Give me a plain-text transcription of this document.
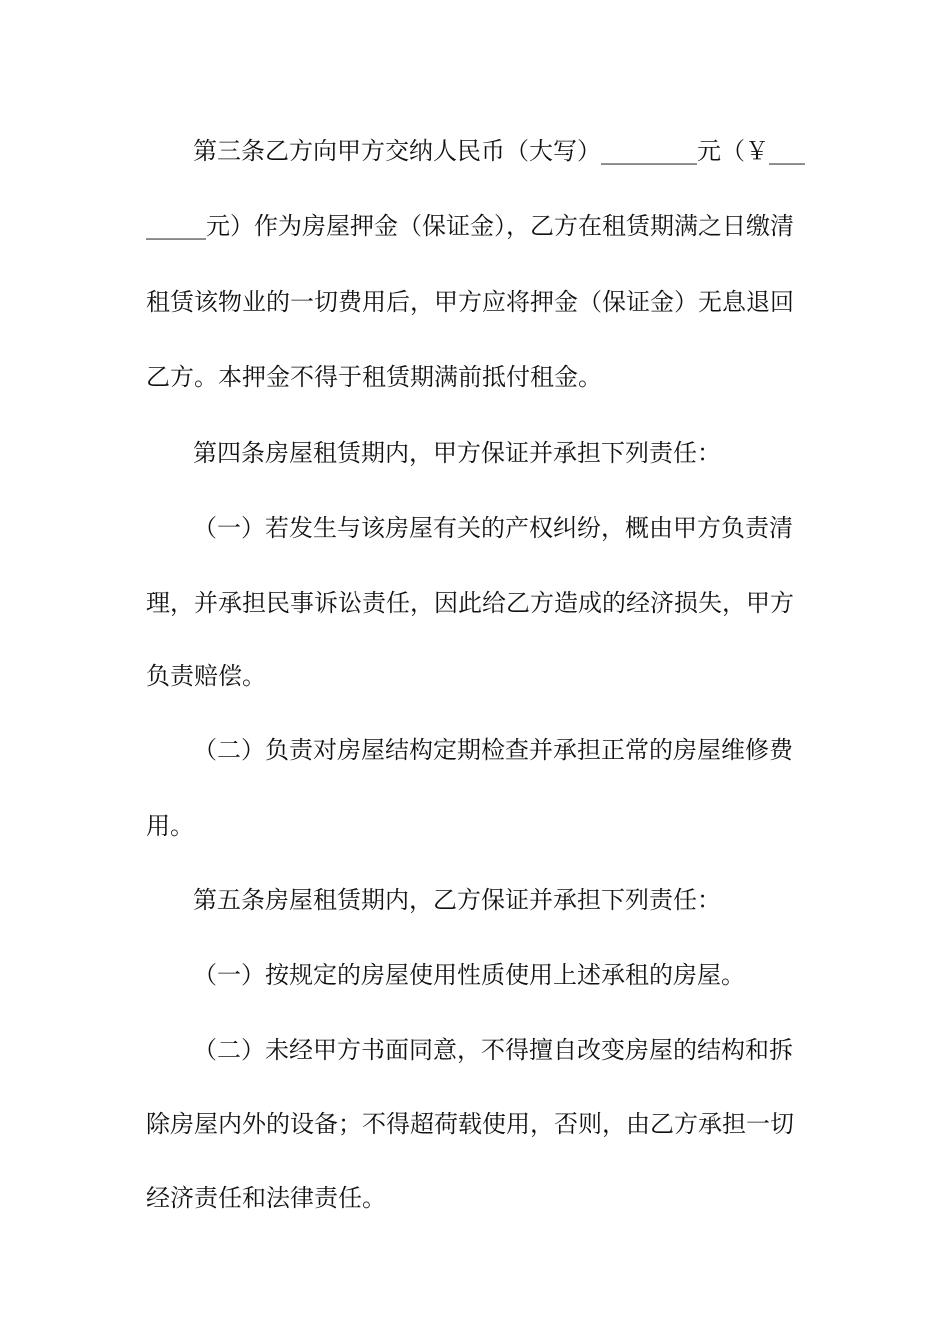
第三条乙方向甲方交纳人民币（大写）________元（￥___
_____元）作为房屋押金（保证金），乙方在租赁期满之日缴清
租赁该物业的一切费用后，甲方应将押金（保证金）无息退回
乙方。本押金不得于租赁期满前抵付租金。
第四条房屋租赁期内，甲方保证并承担下列责任：
（一）若发生与该房屋有关的产权纠纷，概由甲方负责清
理，并承担民事诉讼责任，因此给乙方造成的经济损失，甲方
负责赔偿。
（二）负责对房屋结构定期检查并承担正常的房屋维修费
用。
第五条房屋租赁期内，乙方保证并承担下列责任：
（一）按规定的房屋使用性质使用上述承租的房屋。
（二）未经甲方书面同意，不得擅自改变房屋的结构和拆
除房屋内外的设备；不得超荷载使用，否则，由乙方承担一切
经济责任和法律责任。
